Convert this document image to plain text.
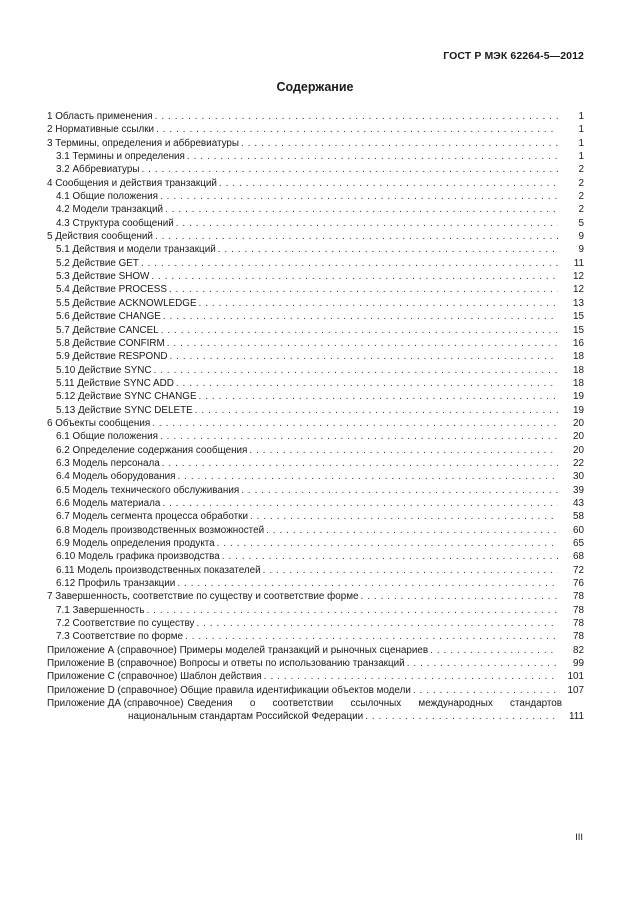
ГОСТ Р МЭК 62264-5—2012
Содержание
1 Область применения . . .	1
2 Нормативные ссылки . . .	1
3 Термины, определения и аббревиатуры . . .	1
3.1 Термины и определения . . .	1
3.2 Аббревиатуры . . .	2
4 Сообщения и действия транзакций . . .	2
4.1 Общие положения . . .	2
4.2 Модели транзакций . . .	2
4.3 Структура сообщений . . .	5
5 Действия сообщений . . .	9
5.1 Действия и модели транзакций . . .	9
5.2 Действие GET . . .	11
5.3 Действие SHOW . . .	12
5.4 Действие PROCESS . . .	12
5.5 Действие ACKNOWLEDGE . . .	13
5.6 Действие CHANGE . . .	15
5.7 Действие CANCEL . . .	15
5.8 Действие CONFIRM . . .	16
5.9 Действие RESPOND . . .	18
5.10 Действие SYNC . . .	18
5.11 Действие SYNC ADD . . .	18
5.12 Действие SYNC CHANGE . . .	19
5.13 Действие SYNC DELETE . . .	19
6 Объекты сообщения . . .	20
6.1 Общие положения . . .	20
6.2 Определение содержания сообщения . . .	20
6.3 Модель персонала . . .	22
6.4 Модель оборудования . . .	30
6.5 Модель технического обслуживания . . .	39
6.6 Модель материала . . .	43
6.7 Модель сегмента процесса обработки . . .	58
6.8 Модель производственных возможностей . . .	60
6.9 Модель определения продукта . . .	65
6.10 Модель графика производства . . .	68
6.11 Модель производственных показателей . . .	72
6.12 Профиль транзакции . . .	76
7 Завершенность, соответствие по существу и соответствие форме . . .	78
7.1 Завершенность . . .	78
7.2 Соответствие по существу . . .	78
7.3 Соответствие по форме . . .	78
Приложение А (справочное) Примеры моделей транзакций и рыночных сценариев . . .	82
Приложение В (справочное) Вопросы и ответы по использованию транзакций . . .	99
Приложение С (справочное) Шаблон действия . . .	101
Приложение D (справочное) Общие правила идентификации объектов модели . . .	107
Приложение ДА (справочное) Сведения о соответствии ссылочных международных стандартов
национальным стандартам Российской Федерации . . .	111
III
